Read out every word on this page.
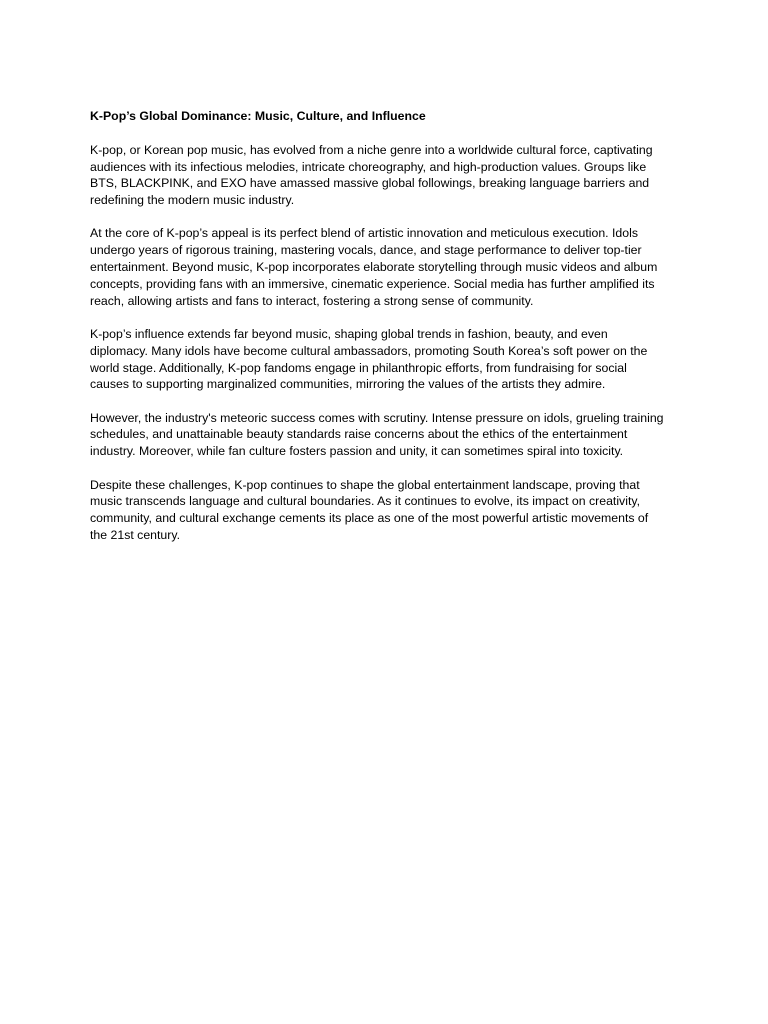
K-Pop’s Global Dominance: Music, Culture, and Influence
K-pop, or Korean pop music, has evolved from a niche genre into a worldwide cultural force, captivating
audiences with its infectious melodies, intricate choreography, and high-production values. Groups like
BTS, BLACKPINK, and EXO have amassed massive global followings, breaking language barriers and
redefining the modern music industry.
At the core of K-pop’s appeal is its perfect blend of artistic innovation and meticulous execution. Idols
undergo years of rigorous training, mastering vocals, dance, and stage performance to deliver top-tier
entertainment. Beyond music, K-pop incorporates elaborate storytelling through music videos and album
concepts, providing fans with an immersive, cinematic experience. Social media has further amplified its
reach, allowing artists and fans to interact, fostering a strong sense of community.
K-pop’s influence extends far beyond music, shaping global trends in fashion, beauty, and even
diplomacy. Many idols have become cultural ambassadors, promoting South Korea’s soft power on the
world stage. Additionally, K-pop fandoms engage in philanthropic efforts, from fundraising for social
causes to supporting marginalized communities, mirroring the values of the artists they admire.
However, the industry's meteoric success comes with scrutiny. Intense pressure on idols, grueling training
schedules, and unattainable beauty standards raise concerns about the ethics of the entertainment
industry. Moreover, while fan culture fosters passion and unity, it can sometimes spiral into toxicity.
Despite these challenges, K-pop continues to shape the global entertainment landscape, proving that
music transcends language and cultural boundaries. As it continues to evolve, its impact on creativity,
community, and cultural exchange cements its place as one of the most powerful artistic movements of
the 21st century.
